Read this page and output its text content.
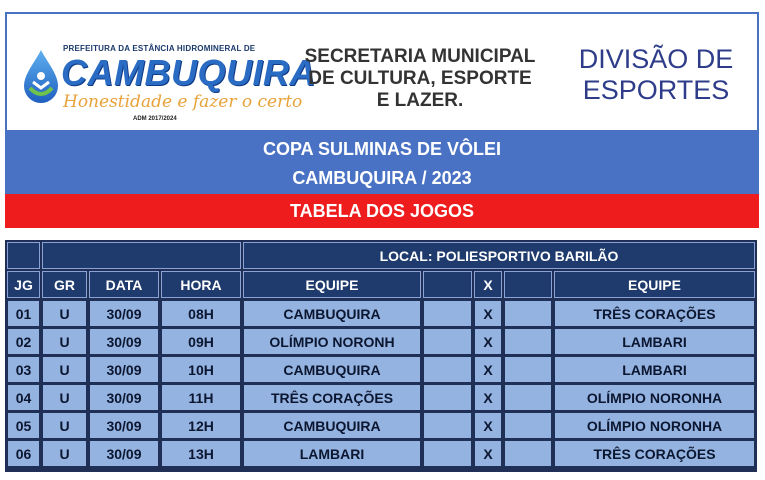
PREFEITURA DA ESTÂNCIA HIDROMINERAL DE
CAMBUQUIRA
Honestidade e fazer o certo
ADM 2017/2024
SECRETARIA MUNICIPAL
DE CULTURA, ESPORTE
E LAZER.
DIVISÃO DE
ESPORTES
COPA SULMINAS DE VÔLEI
CAMBUQUIRA / 2023
TABELA DOS JOGOS
LOCAL: POLIESPORTIVO BARILÃO
JG	GR	DATA	HORA	EQUIPE	X	EQUIPE
01	U	30/09	08H	CAMBUQUIRA	X	TRÊS CORAÇÕES
02	U	30/09	09H	OLÍMPIO NORONH	X	LAMBARI
03	U	30/09	10H	CAMBUQUIRA	X	LAMBARI
04	U	30/09	11H	TRÊS CORAÇÕES	X	OLÍMPIO NORONHA
05	U	30/09	12H	CAMBUQUIRA	X	OLÍMPIO NORONHA
06	U	30/09	13H	LAMBARI	X	TRÊS CORAÇÕES
